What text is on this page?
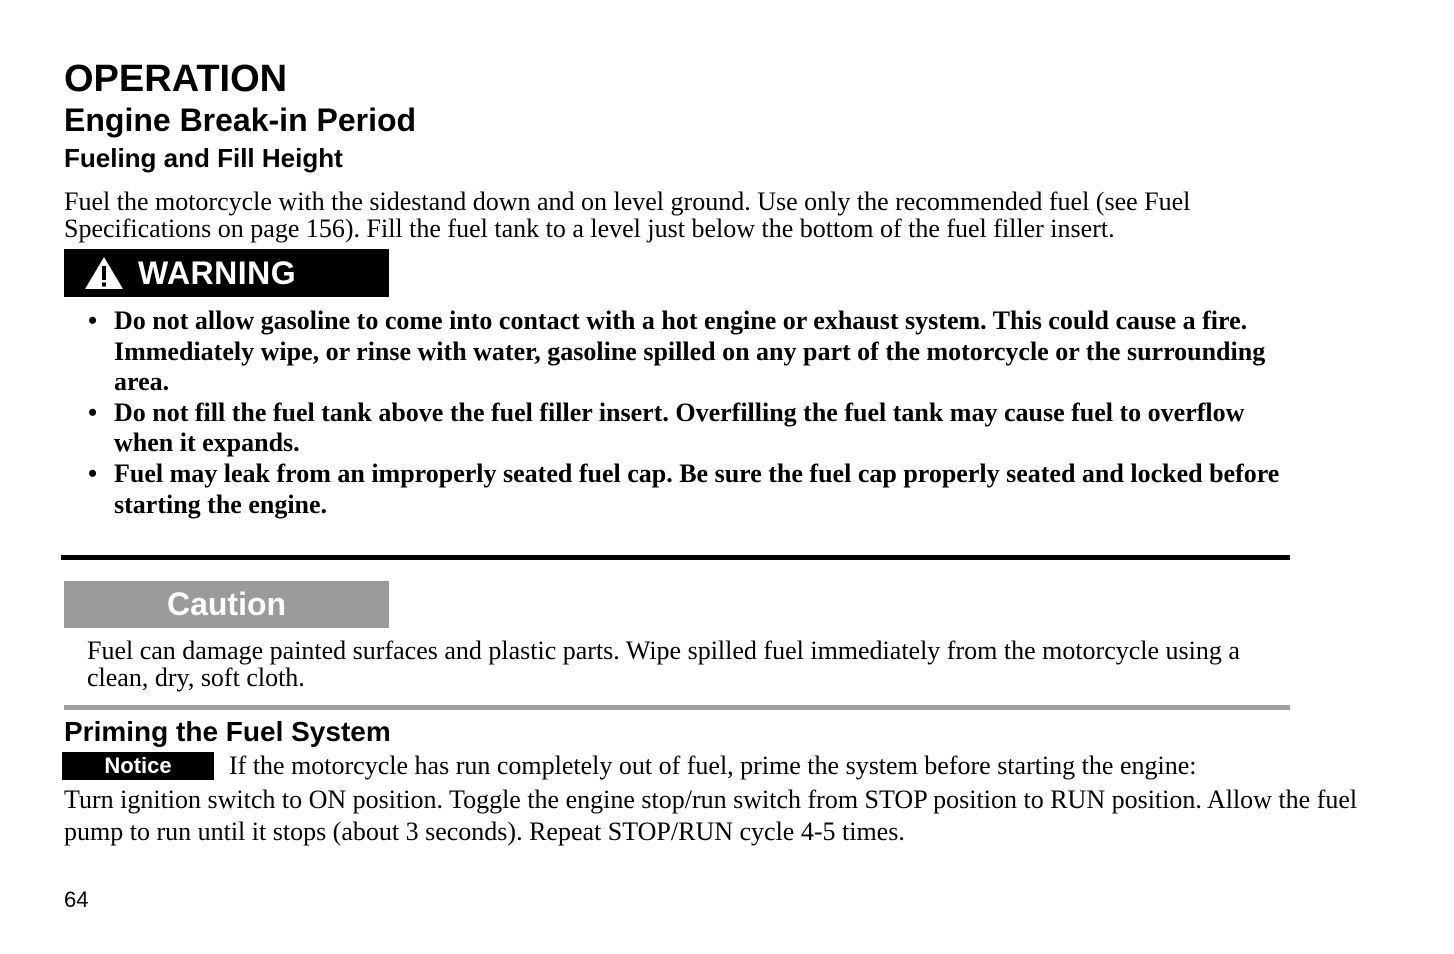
OPERATION
Engine Break-in Period
Fueling and Fill Height

Fuel the motorcycle with the sidestand down and on level ground. Use only the recommended fuel (see Fuel Specifications on page 156). Fill the fuel tank to a level just below the bottom of the fuel filler insert.

WARNING
• Do not allow gasoline to come into contact with a hot engine or exhaust system. This could cause a fire. Immediately wipe, or rinse with water, gasoline spilled on any part of the motorcycle or the surrounding area.
• Do not fill the fuel tank above the fuel filler insert. Overfilling the fuel tank may cause fuel to overflow when it expands.
• Fuel may leak from an improperly seated fuel cap. Be sure the fuel cap properly seated and locked before starting the engine.
Caution

Fuel can damage painted surfaces and plastic parts. Wipe spilled fuel immediately from the motorcycle using a clean, dry, soft cloth.

Priming the Fuel System
Notice If the motorcycle has run completely out of fuel, prime the system before starting the engine:

Turn ignition switch to ON position. Toggle the engine stop/run switch from STOP position to RUN position. Allow the fuel pump to run until it stops (about 3 seconds). Repeat STOP/RUN cycle 4-5 times.

64
